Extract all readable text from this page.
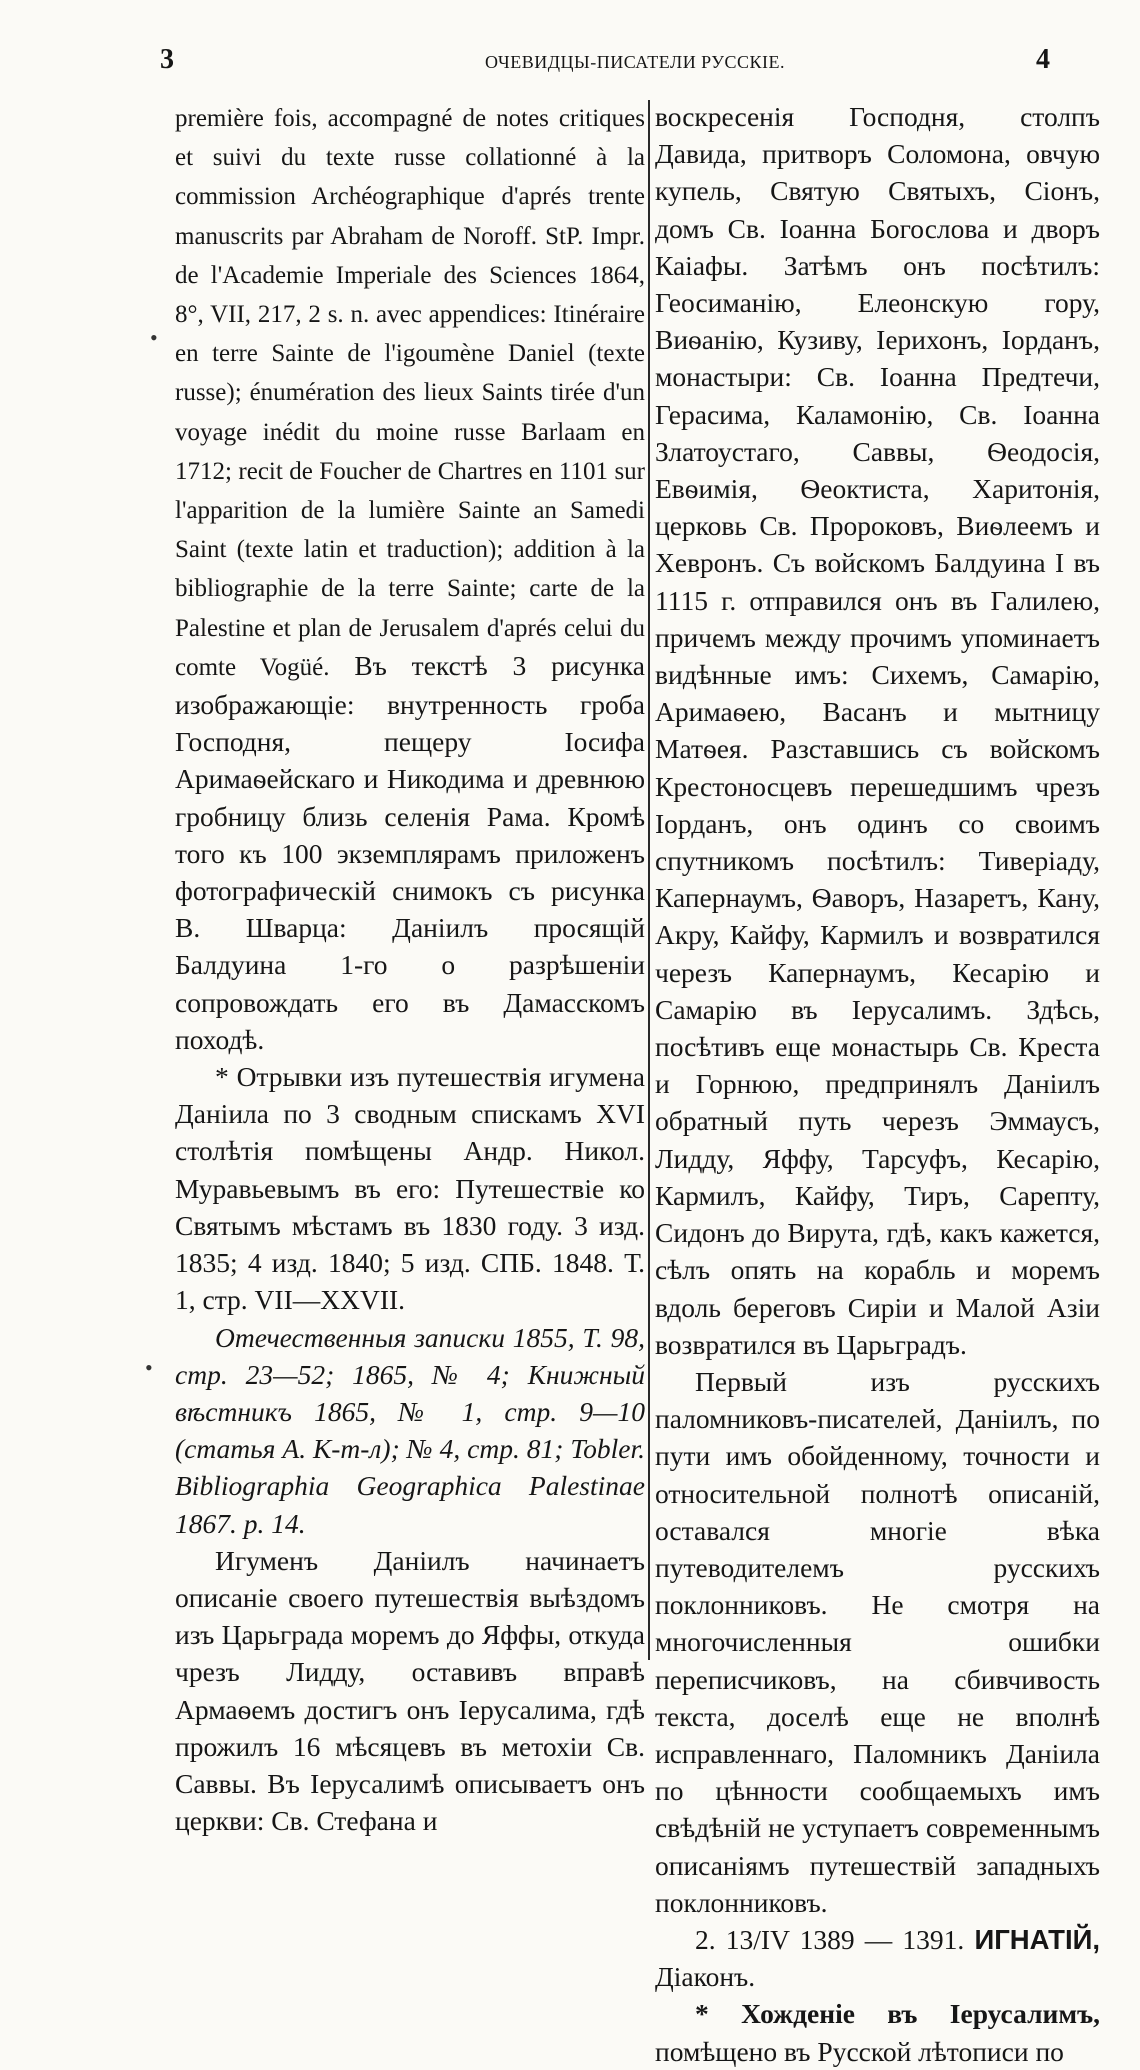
3	ОЧЕВИДЦЫ-ПИСАТЕЛИ РУССКІЕ.	4
•
•

première fois, accompagné de notes critiques et suivi du texte russe collationné à la commission Archéographique d'aprés trente manuscrits par Abraham de Noroff. StP. Impr. de l'Academie Imperiale des Sciences 1864, 8°, VII, 217, 2 s. n. avec appendices: Itinéraire en terre Sainte de l'igoumène Daniel (texte russe); énumération des lieux Saints tirée d'un voyage inédit du moine russe Barlaam en 1712; recit de Foucher de Chartres en 1101 sur l'apparition de la lumière Sainte an Samedi Saint (texte latin et traduction); addition à la bibliographie de la terre Sainte; carte de la Palestine et plan de Jerusalem d'aprés celui du comte Vogüé. Въ текстѣ 3 рисунка изображающіе: внутренность гроба Господня, пещеру Іосифа Аримаѳейскаго и Никодима и древнюю гробницу близь селенія Рама. Кромѣ того къ 100 экземплярамъ приложенъ фотографическій снимокъ съ рисунка В. Шварца: Даніилъ просящій Балдуина 1-го о разрѣшеніи сопровождать его въ Дамасскомъ походѣ.

* Отрывки изъ путешествія игумена Даніила по 3 сводным спискамъ XVI столѣтія помѣщены Андр. Никол. Муравьевымъ въ его: Путешествіе ко Святымъ мѣстамъ въ 1830 году. 3 изд. 1835; 4 изд. 1840; 5 изд. СПБ. 1848. Т. 1, стр. VII—XXVII.

Отечественныя записки 1855, Т. 98, стр. 23—52; 1865, № 4; Книжный вѣстникъ 1865, № 1, стр. 9—10 (статья А. К-т-л); № 4, стр. 81; Tobler. Bibliographia Geographica Palestinae 1867. p. 14.

Игуменъ Даніилъ начинаетъ описаніе своего путешествія выѣздомъ изъ Царьграда моремъ до Яффы, откуда чрезъ Лидду, оставивъ вправѣ Армаѳемъ достигъ онъ Іерусалима, гдѣ прожилъ 16 мѣсяцевъ въ метохіи Св. Саввы. Въ Іерусалимѣ описываетъ онъ церкви: Св. Стефана и

воскресенія Господня, столпъ Давида, притворъ Соломона, овчую купель, Святую Святыхъ, Сіонъ, домъ Св. Іоанна Богослова и дворъ Каіафы. Затѣмъ онъ посѣтилъ: Геосиманію, Елеонскую гору, Виѳанію, Кузиву, Іерихонъ, Іорданъ, монастыри: Св. Іоанна Предтечи, Герасима, Каламонію, Св. Іоанна Златоустаго, Саввы, Ѳеодосія, Евѳимія, Ѳеоктиста, Харитонія, церковь Св. Пророковъ, Виѳлеемъ и Хевронъ. Съ войскомъ Балдуина I въ 1115 г. отправился онъ въ Галилею, причемъ между прочимъ упоминаетъ видѣнные имъ: Сихемъ, Самарію, Аримаѳею, Васанъ и мытницу Матѳея. Разставшись съ войскомъ Крестоносцевъ перешедшимъ чрезъ Іорданъ, онъ одинъ со своимъ спутникомъ посѣтилъ: Тиверіаду, Капернаумъ, Ѳаворъ, Назаретъ, Кану, Акру, Кайфу, Кармилъ и возвратился черезъ Капернаумъ, Кесарію и Самарію въ Іерусалимъ. Здѣсь, посѣтивъ еще монастырь Св. Креста и Горнюю, предпринялъ Даніилъ обратный путь черезъ Эммаусъ, Лидду, Яффу, Тарсуфъ, Кесарію, Кармилъ, Кайфу, Тиръ, Сарепту, Сидонъ до Вирута, гдѣ, какъ кажется, сѣлъ опять на корабль и моремъ вдоль береговъ Сиріи и Малой Азіи возвратился въ Царьградъ.

Первый изъ русскихъ паломниковъ-писателей, Даніилъ, по пути имъ обойденному, точности и относительной полнотѣ описаній, оставался многіе вѣка путеводителемъ русскихъ поклонниковъ. Не смотря на многочисленныя ошибки переписчиковъ, на сбивчивость текста, доселѣ еще не вполнѣ исправленнаго, Паломникъ Даніила по цѣнности сообщаемыхъ имъ свѣдѣній не уступаетъ современнымъ описаніямъ путешествій западныхъ поклонниковъ.

2. 13/IV 1389 — 1391. ИГНАТІЙ, Діаконъ.

* Хожденіе въ Іерусалимъ, помѣщено въ Русской лѣтописи по
